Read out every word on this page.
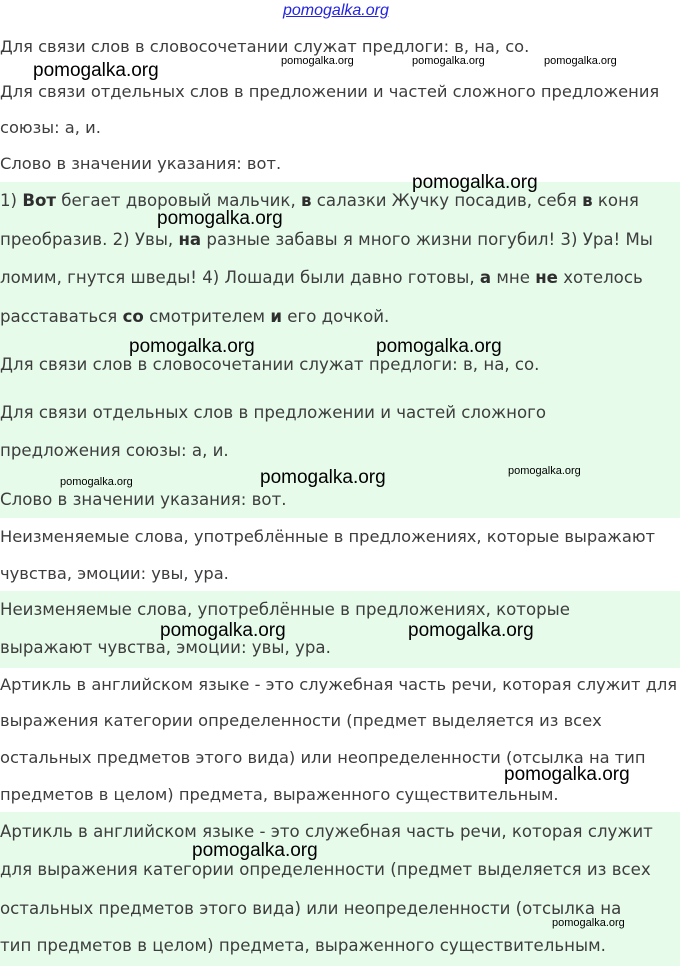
Для связи слов в словосочетании служат предлоги: в, на, со.
Для связи отдельных слов в предложении и частей сложного предложения
союзы: а, и.
Слово в значении указания: вот.
1) Вот бегает дворовый мальчик, в салазки Жучку посадив, себя в коня
преобразив. 2) Увы, на разные забавы я много жизни погубил! 3) Ура! Мы
ломим, гнутся шведы! 4) Лошади были давно готовы, а мне не хотелось
расставаться со смотрителем и его дочкой.
Для связи слов в словосочетании служат предлоги: в, на, со.
Для связи отдельных слов в предложении и частей сложного
предложения союзы: а, и.
Слово в значении указания: вот.
Неизменяемые слова, употреблённые в предложениях, которые выражают
чувства, эмоции: увы, ура.
Неизменяемые слова, употреблённые в предложениях, которые
выражают чувства, эмоции: увы, ура.
Артикль в английском языке - это служебная часть речи, которая служит для
выражения категории определенности (предмет выделяется из всех
остальных предметов этого вида) или неопределенности (отсылка на тип
предметов в целом) предмета, выраженного существительным.
Артикль в английском языке - это служебная часть речи, которая служит
для выражения категории определенности (предмет выделяется из всех
остальных предметов этого вида) или неопределенности (отсылка на
тип предметов в целом) предмета, выраженного существительным.
pomogalka.org
pomogalka.org	pomogalka.org	pomogalka.org	pomogalka.org
pomogalka.org
pomogalka.org
pomogalka.org	pomogalka.org
pomogalka.org	pomogalka.org	pomogalka.org
pomogalka.org	pomogalka.org
pomogalka.org
pomogalka.org
pomogalka.org
